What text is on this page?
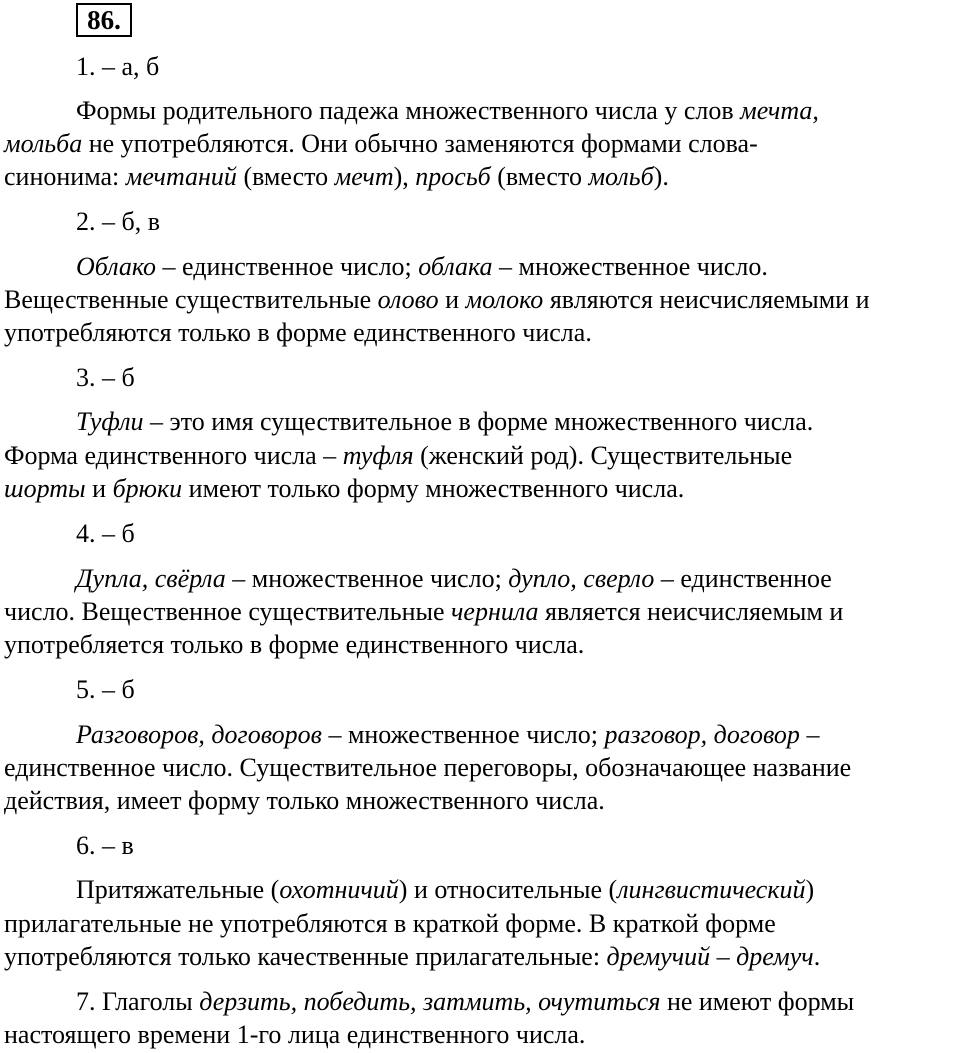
86.
1. – а, б
Формы родительного падежа множественного числа у слов мечта,
мольба не употребляются. Они обычно заменяются формами слова-
синонима: мечтаний (вместо мечт), просьб (вместо мольб).
2. – б, в
Облако – единственное число; облака – множественное число.
Вещественные существительные олово и молоко являются неисчисляемыми и
употребляются только в форме единственного числа.
3. – б
Туфли – это имя существительное в форме множественного числа.
Форма единственного числа – туфля (женский род). Существительные
шорты и брюки имеют только форму множественного числа.
4. – б
Дупла, свёрла – множественное число; дупло, сверло – единственное
число. Вещественное существительные чернила является неисчисляемым и
употребляется только в форме единственного числа.
5. – б
Разговоров, договоров – множественное число; разговор, договор –
единственное число. Существительное переговоры, обозначающее название
действия, имеет форму только множественного числа.
6. – в
Притяжательные (охотничий) и относительные (лингвистический)
прилагательные не употребляются в краткой форме. В краткой форме
употребляются только качественные прилагательные: дремучий – дремуч.
7. Глаголы дерзить, победить, затмить, очутиться не имеют формы
настоящего времени 1-го лица единственного числа.
